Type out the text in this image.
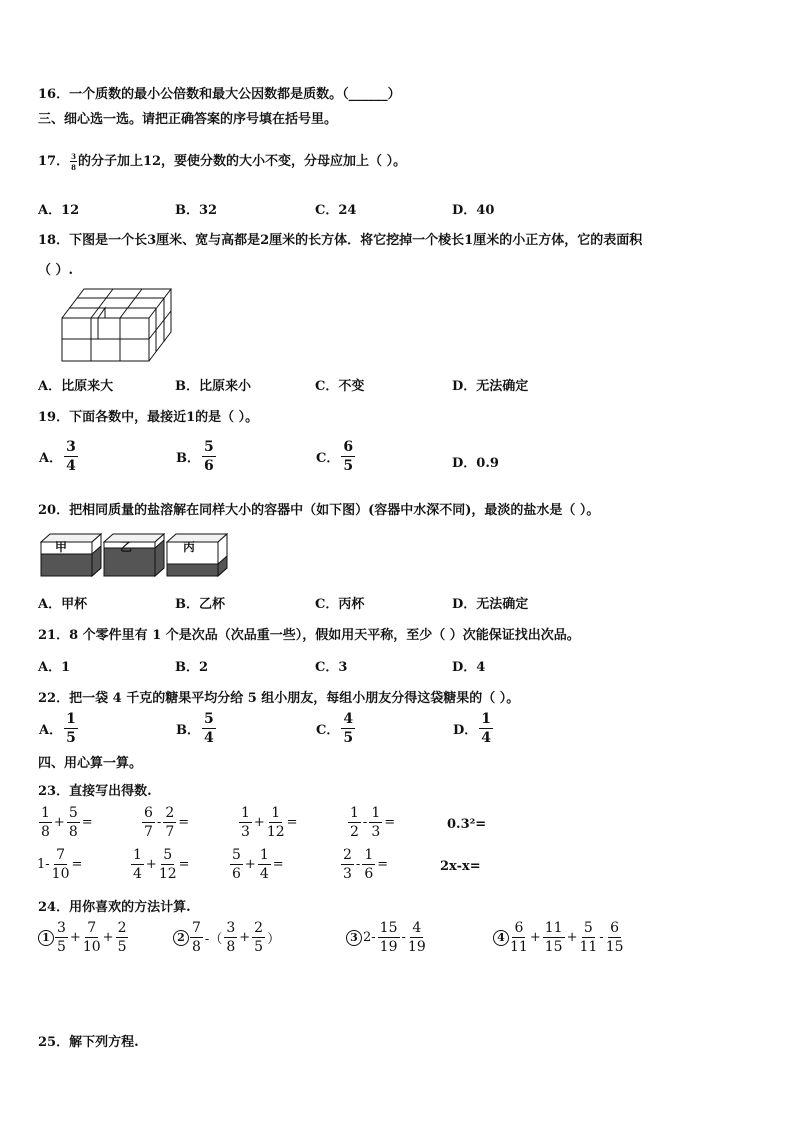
16．一个质数的最小公倍数和最大公因数都是质数。（______）
三、细心选一选。请把正确答案的序号填在括号里。
17． $\frac{3}{8}$ 的分子加上12，要使分数的大小不变，分母应加上（ ）。
A．12	B．32	C．24	D．40
18．下图是一个长3厘米、宽与高都是2厘米的长方体．将它挖掉一个棱长1厘米的小正方体，它的表面积
（ ）.
A．比原来大	B．比原来小	C．不变	D．无法确定
19．下面各数中，最接近1的是（ ）。
A． $\frac{3}{4}$	B． $\frac{5}{6}$	C． $\frac{6}{5}$	D．0.9
20．把相同质量的盐溶解在同样大小的容器中（如下图）(容器中水深不同)，最淡的盐水是（ ）。
甲	乙	丙
A．甲杯	B．乙杯	C．丙杯	D．无法确定
21．8 个零件里有 1 个是次品（次品重一些），假如用天平称，至少（ ）次能保证找出次品。
A．1	B．2	C．3	D．4
22．把一袋 4 千克的糖果平均分给 5 组小朋友，每组小朋友分得这袋糖果的（ ）。
A． $\frac{1}{5}$	B． $\frac{5}{4}$	C． $\frac{4}{5}$	D． $\frac{1}{4}$
四、用心算一算。
23．直接写出得数.
$\frac{1}{8} + \frac{5}{8}$ =	$\frac{6}{7} - \frac{2}{7}$ =	$\frac{1}{3} + \frac{1}{12}$ =	$\frac{1}{2} - \frac{1}{3}$ =	0.3²=
$1- \frac{7}{10}$ =	$\frac{1}{4} + \frac{5}{12}$ =	$\frac{5}{6} + \frac{1}{4}$ =	$\frac{2}{3} - \frac{1}{6}$ =	2x-x=
24．用你喜欢的方法计算.
$1 \frac{3}{5} + \frac{7}{10} + \frac{2}{5}$	$2 \frac{7}{8}$ -（ $\frac{3}{8} + \frac{2}{5}$ ）	3 $2- \frac{15}{19} - \frac{4}{19}$	$4 \frac{6}{11} + \frac{11}{15} + \frac{5}{11} - \frac{6}{15}$
25．解下列方程.
